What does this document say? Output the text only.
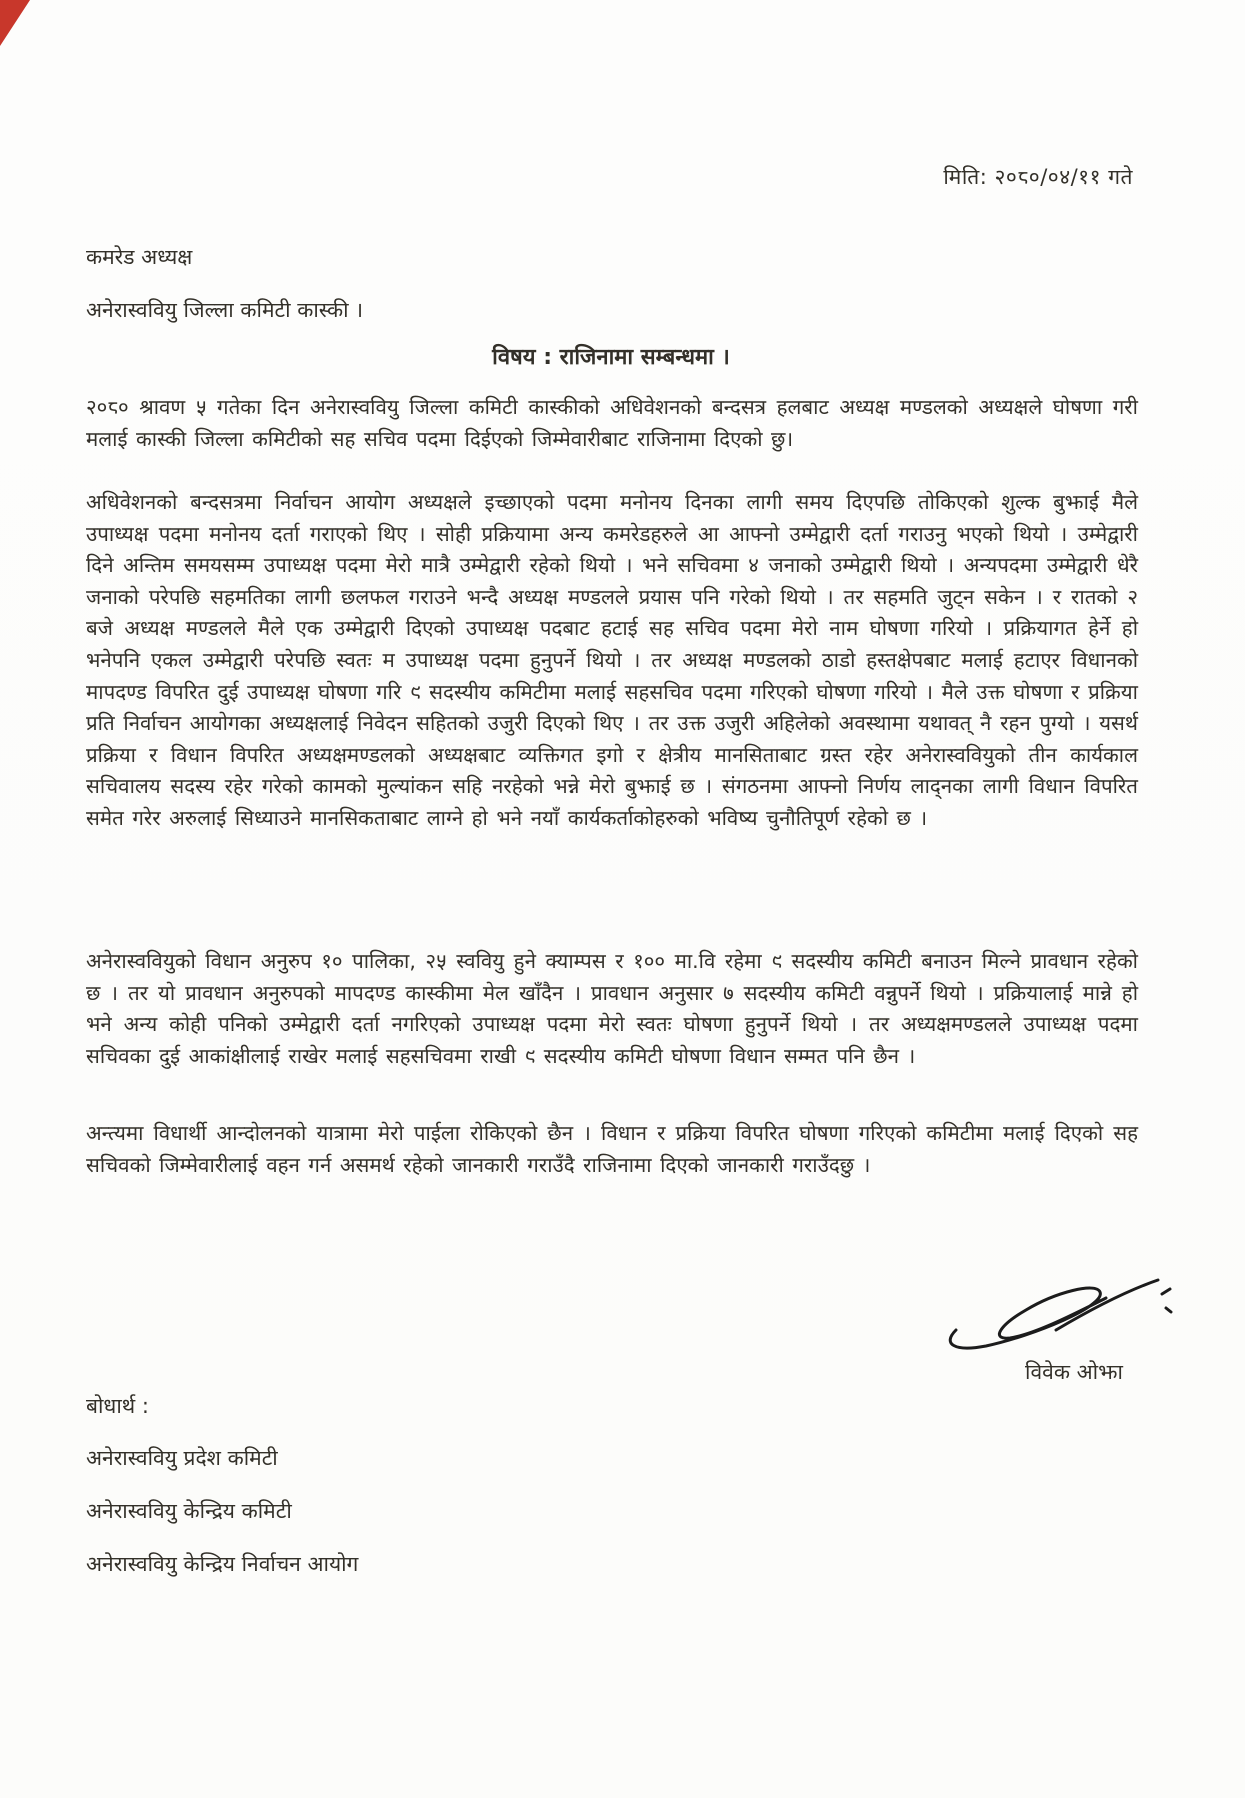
मिति: २०८०/०४/११ गते
कमरेड अध्यक्ष
अनेरास्ववियु जिल्ला कमिटी कास्की ।
विषय : राजिनामा सम्बन्धमा ।

२०८० श्रावण ५ गतेका दिन अनेरास्ववियु जिल्ला कमिटी कास्कीको अधिवेशनको बन्दसत्र हलबाट अध्यक्ष मण्डलको अध्यक्षले घोषणा गरी मलाई कास्की जिल्ला कमिटीको सह सचिव पदमा दिईएको जिम्मेवारीबाट राजिनामा दिएको छु।

अधिवेशनको बन्दसत्रमा निर्वाचन आयोग अध्यक्षले इच्छाएको पदमा मनोनय दिनका लागी समय दिएपछि तोकिएको शुल्क बुझाई मैले उपाध्यक्ष पदमा मनोनय दर्ता गराएको थिए । सोही प्रक्रियामा अन्य कमरेडहरुले आ आफ्नो उम्मेद्वारी दर्ता गराउनु भएको थियो । उम्मेद्वारी दिने अन्तिम समयसम्म उपाध्यक्ष पदमा मेरो मात्रै उम्मेद्वारी रहेको थियो । भने सचिवमा ४ जनाको उम्मेद्वारी थियो । अन्यपदमा उम्मेद्वारी धेरै जनाको परेपछि सहमतिका लागी छलफल गराउने भन्दै अध्यक्ष मण्डलले प्रयास पनि गरेको थियो । तर सहमति जुट्न सकेन । र रातको २ बजे अध्यक्ष मण्डलले मैले एक उम्मेद्वारी दिएको उपाध्यक्ष पदबाट हटाई सह सचिव पदमा मेरो नाम घोषणा गरियो । प्रक्रियागत हेर्ने हो भनेपनि एकल उम्मेद्वारी परेपछि स्वतः म उपाध्यक्ष पदमा हुनुपर्ने थियो । तर अध्यक्ष मण्डलको ठाडो हस्तक्षेपबाट मलाई हटाएर विधानको मापदण्ड विपरित दुई उपाध्यक्ष घोषणा गरि ९ सदस्यीय कमिटीमा मलाई सहसचिव पदमा गरिएको घोषणा गरियो । मैले उक्त घोषणा र प्रक्रिया प्रति निर्वाचन आयोगका अध्यक्षलाई निवेदन सहितको उजुरी दिएको थिए । तर उक्त उजुरी अहिलेको अवस्थामा यथावत् नै रहन पुग्यो । यसर्थ प्रक्रिया र विधान विपरित अध्यक्षमण्डलको अध्यक्षबाट व्यक्तिगत इगो र क्षेत्रीय मानसिताबाट ग्रस्त रहेर अनेरास्ववियुको तीन कार्यकाल सचिवालय सदस्य रहेर गरेको कामको मुल्यांकन सहि नरहेको भन्ने मेरो बुझाई छ । संगठनमा आफ्नो निर्णय लाद्नका लागी विधान विपरित समेत गरेर अरुलाई सिध्याउने मानसिकताबाट लाग्ने हो भने नयाँ कार्यकर्ताकोहरुको भविष्य चुनौतिपूर्ण रहेको छ ।

अनेरास्ववियुको विधान अनुरुप १० पालिका, २५ स्ववियु हुने क्याम्पस र १०० मा.वि रहेमा ९ सदस्यीय कमिटी बनाउन मिल्ने प्रावधान रहेको छ । तर यो प्रावधान अनुरुपको मापदण्ड कास्कीमा मेल खाँदैन । प्रावधान अनुसार ७ सदस्यीय कमिटी वन्नुपर्ने थियो । प्रक्रियालाई मान्ने हो भने अन्य कोही पनिको उम्मेद्वारी दर्ता नगरिएको उपाध्यक्ष पदमा मेरो स्वतः घोषणा हुनुपर्ने थियो । तर अध्यक्षमण्डलले उपाध्यक्ष पदमा सचिवका दुई आकांक्षीलाई राखेर मलाई सहसचिवमा राखी ९ सदस्यीय कमिटी घोषणा विधान सम्मत पनि छैन ।

अन्त्यमा विधार्थी आन्दोलनको यात्रामा मेरो पाईला रोकिएको छैन । विधान र प्रक्रिया विपरित घोषणा गरिएको कमिटीमा मलाई दिएको सह सचिवको जिम्मेवारीलाई वहन गर्न असमर्थ रहेको जानकारी गराउँदै राजिनामा दिएको जानकारी गराउँदछु ।

विवेक ओझा
बोधार्थ :
अनेरास्ववियु प्रदेश कमिटी
अनेरास्ववियु केन्द्रिय कमिटी
अनेरास्ववियु केन्द्रिय निर्वाचन आयोग
